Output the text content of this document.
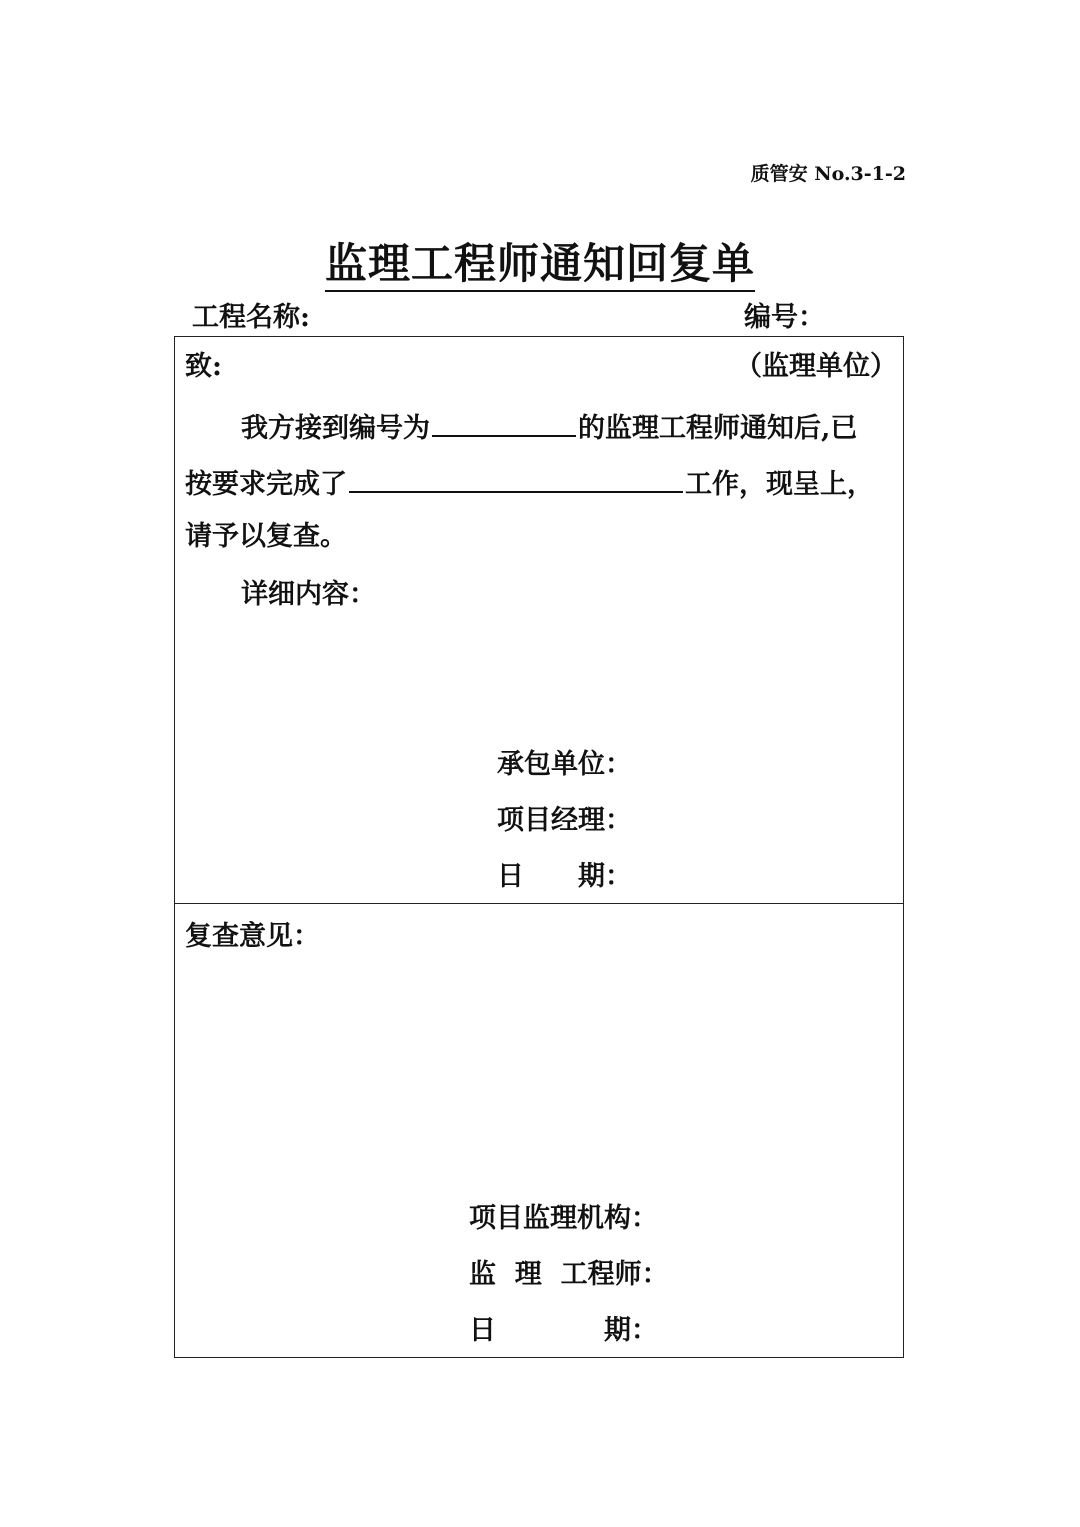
质管安 No.3-1-2
监理工程师通知回复单
工程名称:	编号：
致:	（监理单位）
我方接到编号为	的监理工程师通知后,已
按要求完成了	工作，现呈上，
请予以复查。
详细内容：
承包单位：
项目经理：
日　　期：
复查意见：
项目监理机构：
监  理  工程师：
日　　　　期：
